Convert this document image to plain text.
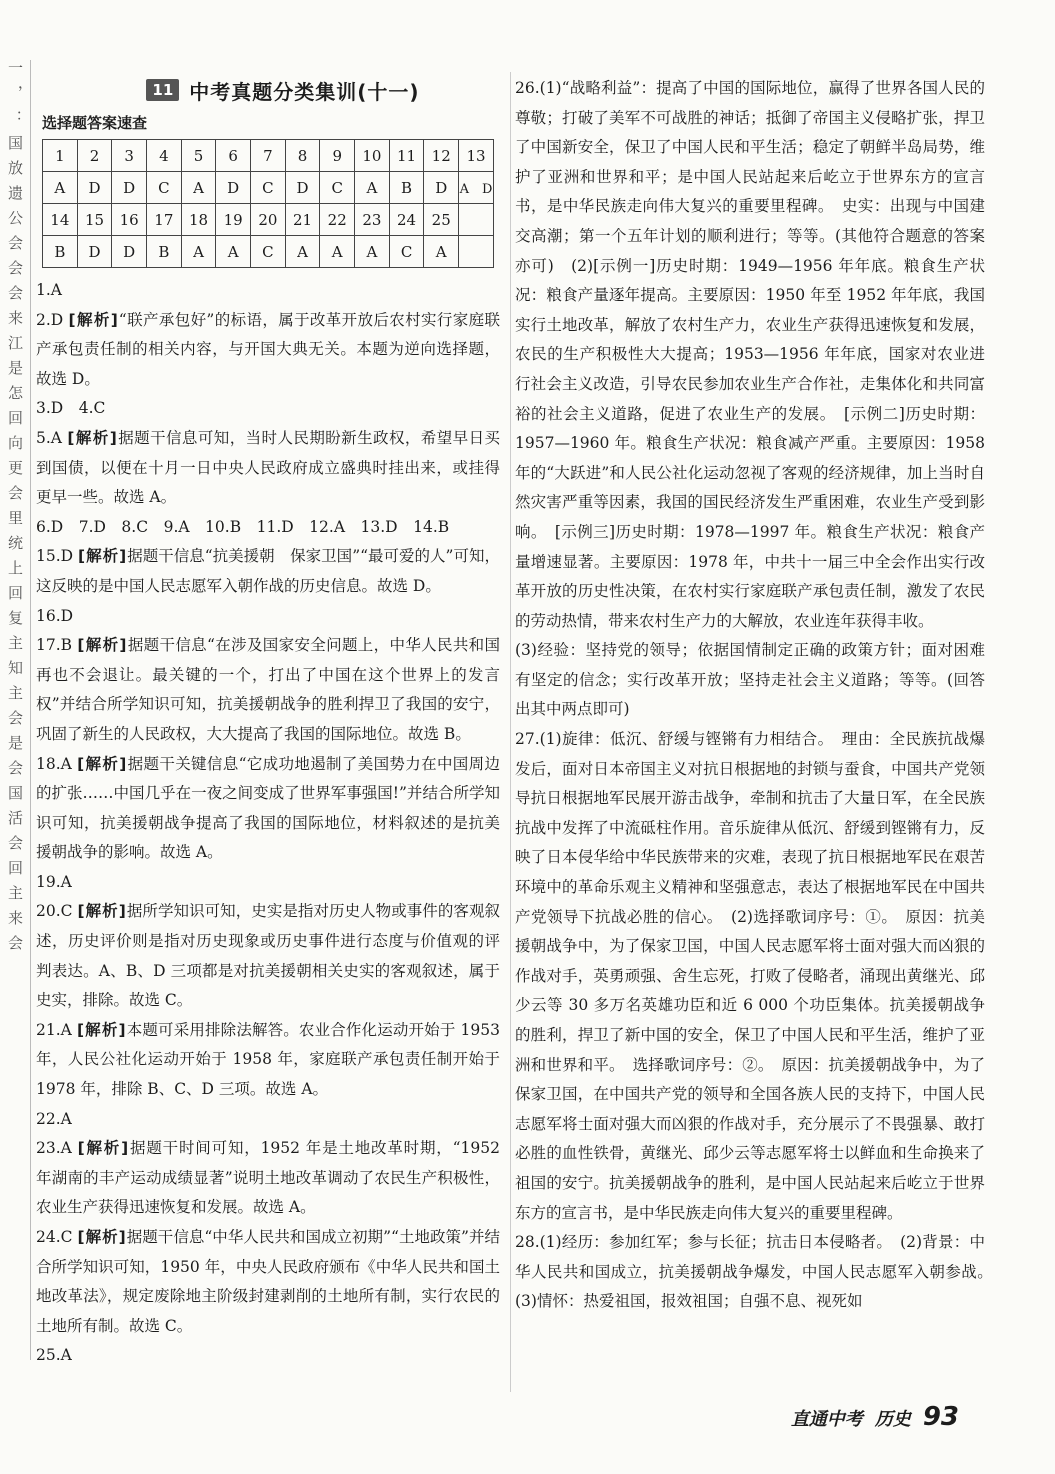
一，：国放遗公会会会来江是怎回向更会里统上回复主知主会是会国活会回主来会	11 中考真题分类集训(十一)
选择题答案速查
1	2	3	4	5	6	7	8	9	10	11	12	13
A	D	D	C	A	D	C	D	C	A	B	D	A　D
14	15	16	17	18	19	20	21	22	23	24	25	
B	D	D	B	A	A	C	A	A	A	C	A	

1.A

2.D [解析]“联产承包好”的标语，属于改革开放后农村实行家庭联产承包责任制的相关内容，与开国大典无关。本题为逆向选择题，故选 D。

3.D　4.C

5.A [解析]据题干信息可知，当时人民期盼新生政权，希望早日买到国债，以便在十月一日中央人民政府成立盛典时挂出来，或挂得更早一些。故选 A。

6.D　7.D　8.C　9.A　10.B　11.D　12.A　13.D　14.B

15.D [解析]据题干信息“抗美援朝　保家卫国”“最可爱的人”可知，这反映的是中国人民志愿军入朝作战的历史信息。故选 D。

16.D

17.B [解析]据题干信息“在涉及国家安全问题上，中华人民共和国再也不会退让。最关键的一个，打出了中国在这个世界上的发言权”并结合所学知识可知，抗美援朝战争的胜利捍卫了我国的安宁，巩固了新生的人民政权，大大提高了我国的国际地位。故选 B。

18.A [解析]据题干关键信息“它成功地遏制了美国势力在中国周边的扩张……中国几乎在一夜之间变成了世界军事强国!”并结合所学知识可知，抗美援朝战争提高了我国的国际地位，材料叙述的是抗美援朝战争的影响。故选 A。

19.A

20.C [解析]据所学知识可知，史实是指对历史人物或事件的客观叙述，历史评价则是指对历史现象或历史事件进行态度与价值观的评判表达。A、B、D 三项都是对抗美援朝相关史实的客观叙述，属于史实，排除。故选 C。

21.A [解析]本题可采用排除法解答。农业合作化运动开始于 1953 年，人民公社化运动开始于 1958 年，家庭联产承包责任制开始于 1978 年，排除 B、C、D 三项。故选 A。

22.A

23.A [解析]据题干时间可知，1952 年是土地改革时期，“1952 年湖南的丰产运动成绩显著”说明土地改革调动了农民生产积极性，农业生产获得迅速恢复和发展。故选 A。

24.C [解析]据题干信息“中华人民共和国成立初期”“土地政策”并结合所学知识可知，1950 年，中央人民政府颁布《中华人民共和国土地改革法》，规定废除地主阶级封建剥削的土地所有制，实行农民的土地所有制。故选 C。

25.A

26.(1)“战略利益”：提高了中国的国际地位，赢得了世界各国人民的尊敬；打破了美军不可战胜的神话；抵御了帝国主义侵略扩张，捍卫了中国新安全，保卫了中国人民和平生活；稳定了朝鲜半岛局势，维护了亚洲和世界和平；是中国人民站起来后屹立于世界东方的宣言书，是中华民族走向伟大复兴的重要里程碑。　史实：出现与中国建交高潮；第一个五年计划的顺利进行；等等。(其他符合题意的答案亦可)　(2)[示例一]历史时期：1949—1956 年年底。粮食生产状况：粮食产量逐年提高。主要原因：1950 年至 1952 年年底，我国实行土地改革，解放了农村生产力，农业生产获得迅速恢复和发展，农民的生产积极性大大提高；1953—1956 年年底，国家对农业进行社会主义改造，引导农民参加农业生产合作社，走集体化和共同富裕的社会主义道路，促进了农业生产的发展。　[示例二]历史时期：1957—1960 年。粮食生产状况：粮食减产严重。主要原因：1958 年的“大跃进”和人民公社化运动忽视了客观的经济规律，加上当时自然灾害严重等因素，我国的国民经济发生严重困难，农业生产受到影响。　[示例三]历史时期：1978—1997 年。粮食生产状况：粮食产量增速显著。主要原因：1978 年，中共十一届三中全会作出实行改革开放的历史性决策，在农村实行家庭联产承包责任制，激发了农民的劳动热情，带来农村生产力的大解放，农业连年获得丰收。

(3)经验：坚持党的领导；依据国情制定正确的政策方针；面对困难有坚定的信念；实行改革开放；坚持走社会主义道路；等等。(回答出其中两点即可)

27.(1)旋律：低沉、舒缓与铿锵有力相结合。　理由：全民族抗战爆发后，面对日本帝国主义对抗日根据地的封锁与蚕食，中国共产党领导抗日根据地军民展开游击战争，牵制和抗击了大量日军，在全民族抗战中发挥了中流砥柱作用。音乐旋律从低沉、舒缓到铿锵有力，反映了日本侵华给中华民族带来的灾难，表现了抗日根据地军民在艰苦环境中的革命乐观主义精神和坚强意志，表达了根据地军民在中国共产党领导下抗战必胜的信心。　(2)选择歌词序号：①。　原因：抗美援朝战争中，为了保家卫国，中国人民志愿军将士面对强大而凶狠的作战对手，英勇顽强、舍生忘死，打败了侵略者，涌现出黄继光、邱少云等 30 多万名英雄功臣和近 6 000 个功臣集体。抗美援朝战争的胜利，捍卫了新中国的安全，保卫了中国人民和平生活，维护了亚洲和世界和平。　选择歌词序号：②。　原因：抗美援朝战争中，为了保家卫国，在中国共产党的领导和全国各族人民的支持下，中国人民志愿军将士面对强大而凶狠的作战对手，充分展示了不畏强暴、敢打必胜的血性铁骨，黄继光、邱少云等志愿军将士以鲜血和生命换来了祖国的安宁。抗美援朝战争的胜利，是中国人民站起来后屹立于世界东方的宣言书，是中华民族走向伟大复兴的重要里程碑。

28.(1)经历：参加红军；参与长征；抗击日本侵略者。　(2)背景：中华人民共和国成立，抗美援朝战争爆发，中国人民志愿军入朝参战。　(3)情怀：热爱祖国，报效祖国；自强不息、视死如

直通中考 历史 93
